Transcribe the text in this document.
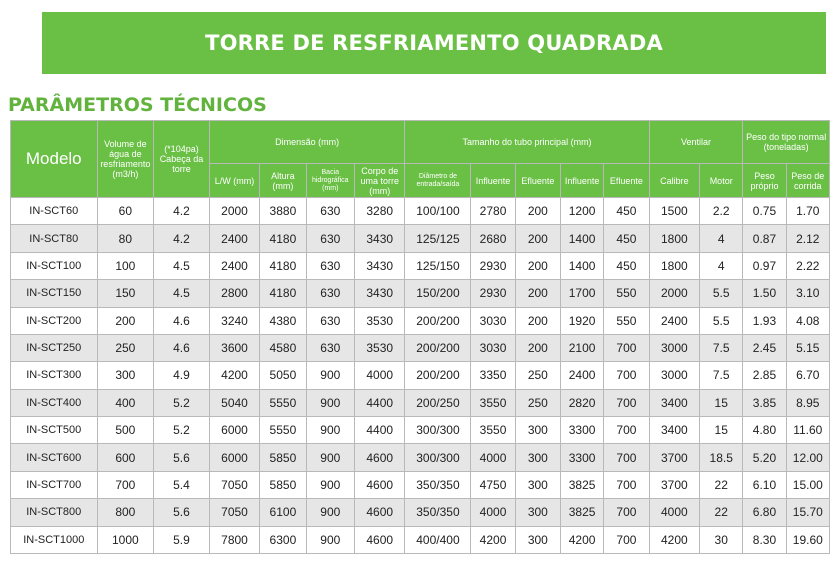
TORRE DE RESFRIAMENTO QUADRADA
PARÂMETROS TÉCNICOS
Modelo	Volume de água de resfriamento (m3/h)	(*104pa) Cabeça da torre	Dimensão (mm)				Tamanho do tubo principal (mm)					Ventilar		Peso do tipo normal (toneladas)	
			L/W (mm)	Altura (mm)	Bacia hidrográfica (mm)	Corpo de uma torre (mm)	Diâmetro de entrada/saída	Influente	Efluente	Influente	Efluente	Calibre	Motor	Peso próprio	Peso de corrida
IN-SCT60	60	4.2	2000	3880	630	3280	100/100	2780	200	1200	450	1500	2.2	0.75	1.70
IN-SCT80	80	4.2	2400	4180	630	3430	125/125	2680	200	1400	450	1800	4	0.87	2.12
IN-SCT100	100	4.5	2400	4180	630	3430	125/150	2930	200	1400	450	1800	4	0.97	2.22
IN-SCT150	150	4.5	2800	4180	630	3430	150/200	2930	200	1700	550	2000	5.5	1.50	3.10
IN-SCT200	200	4.6	3240	4380	630	3530	200/200	3030	200	1920	550	2400	5.5	1.93	4.08
IN-SCT250	250	4.6	3600	4580	630	3530	200/200	3030	200	2100	700	3000	7.5	2.45	5.15
IN-SCT300	300	4.9	4200	5050	900	4000	200/200	3350	250	2400	700	3000	7.5	2.85	6.70
IN-SCT400	400	5.2	5040	5550	900	4400	200/250	3550	250	2820	700	3400	15	3.85	8.95
IN-SCT500	500	5.2	6000	5550	900	4400	300/300	3550	300	3300	700	3400	15	4.80	11.60
IN-SCT600	600	5.6	6000	5850	900	4600	300/300	4000	300	3300	700	3700	18.5	5.20	12.00
IN-SCT700	700	5.4	7050	5850	900	4600	350/350	4750	300	3825	700	3700	22	6.10	15.00
IN-SCT800	800	5.6	7050	6100	900	4600	350/350	4000	300	3825	700	4000	22	6.80	15.70
IN-SCT1000	1000	5.9	7800	6300	900	4600	400/400	4200	300	4200	700	4200	30	8.30	19.60
